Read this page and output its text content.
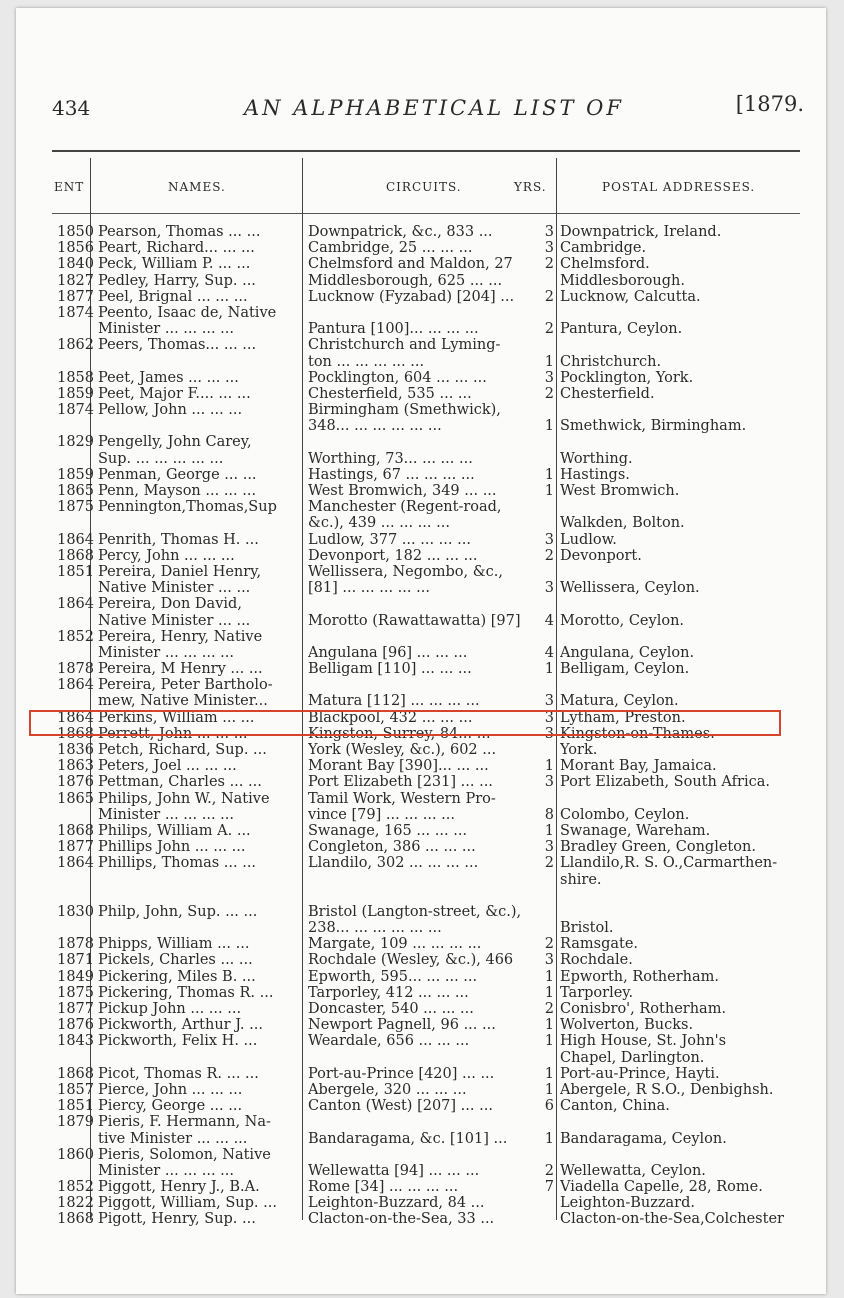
434	AN ALPHABETICAL LIST OF	[1879.
ENT	NAMES.	CIRCUITS.	YRS.	POSTAL ADDRESSES.
1850 Pearson, Thomas ... ...	Downpatrick, &c., 833 ...	3 Downpatrick, Ireland.
1856 Peart, Richard... ... ...	Cambridge, 25 ... ... ...	3 Cambridge.
1840 Peck, William P. ... ...	Chelmsford and Maldon, 27	2 Chelmsford.
1827 Pedley, Harry, Sup. ...	Middlesborough, 625 ... ...	Middlesborough.
1877 Peel, Brignal ... ... ...	Lucknow (Fyzabad) [204] ...	2 Lucknow, Calcutta.
1874 Peento, Isaac de, Native
Minister ... ... ... ...	Pantura [100]... ... ... ...	2 Pantura, Ceylon.
1862 Peers, Thomas... ... ...	Christchurch and Lyming-
ton ... ... ... ... ...	1 Christchurch.
1858 Peet, James ... ... ...	Pocklington, 604 ... ... ...	3 Pocklington, York.
1859 Peet, Major F.... ... ...	Chesterfield, 535 ... ...	2 Chesterfield.
1874 Pellow, John ... ... ...	Birmingham (Smethwick),
348... ... ... ... ... ...	1 Smethwick, Birmingham.
1829 Pengelly, John Carey,
Sup. ... ... ... ... ...	Worthing, 73... ... ... ...	Worthing.
1859 Penman, George ... ...	Hastings, 67 ... ... ... ...	1 Hastings.
1865 Penn, Mayson ... ... ...	West Bromwich, 349 ... ...	1 West Bromwich.
1875 Pennington,Thomas,Sup	Manchester (Regent-road,
&c.), 439 ... ... ... ...	Walkden, Bolton.
1864 Penrith, Thomas H. ...	Ludlow, 377 ... ... ... ...	3 Ludlow.
1868 Percy, John ... ... ...	Devonport, 182 ... ... ...	2 Devonport.
1851 Pereira, Daniel Henry,	Wellissera, Negombo, &c.,
Native Minister ... ...	[81] ... ... ... ... ...	3 Wellissera, Ceylon.
1864 Pereira, Don David,
Native Minister ... ...	Morotto (Rawattawatta) [97]	4 Morotto, Ceylon.
1852 Pereira, Henry, Native
Minister ... ... ... ...	Angulana [96] ... ... ...	4 Angulana, Ceylon.
1878 Pereira, M Henry ... ...	Belligam [110] ... ... ...	1 Belligam, Ceylon.
1864 Pereira, Peter Bartholo-
mew, Native Minister...	Matura [112] ... ... ... ...	3 Matura, Ceylon.
1864 Perkins, William ... ...	Blackpool, 432 ... ... ...	3 Lytham, Preston.
1868 Perrett, John ... ... ...	Kingston, Surrey, 84... ...	3 Kingston-on-Thames.
1836 Petch, Richard, Sup. ...	York (Wesley, &c.), 602 ...	York.
1863 Peters, Joel ... ... ...	Morant Bay [390]... ... ...	1 Morant Bay, Jamaica.
1876 Pettman, Charles ... ...	Port Elizabeth [231] ... ...	3 Port Elizabeth, South Africa.
1865 Philips, John W., Native	Tamil Work, Western Pro-
Minister ... ... ... ...	vince [79] ... ... ... ...	8 Colombo, Ceylon.
1868 Philips, William A. ...	Swanage, 165 ... ... ...	1 Swanage, Wareham.
1877 Phillips John ... ... ...	Congleton, 386 ... ... ...	3 Bradley Green, Congleton.
1864 Phillips, Thomas ... ...	Llandilo, 302 ... ... ... ...	2 Llandilo,R. S. O.,Carmarthen-
shire.
1830 Philp, John, Sup. ... ...	Bristol (Langton-street, &c.),
238... ... ... ... ... ...	Bristol.
1878 Phipps, William ... ...	Margate, 109 ... ... ... ...	2 Ramsgate.
1871 Pickels, Charles ... ...	Rochdale (Wesley, &c.), 466	3 Rochdale.
1849 Pickering, Miles B. ...	Epworth, 595... ... ... ...	1 Epworth, Rotherham.
1875 Pickering, Thomas R. ...	Tarporley, 412 ... ... ...	1 Tarporley.
1877 Pickup John ... ... ...	Doncaster, 540 ... ... ...	2 Conisbro', Rotherham.
1876 Pickworth, Arthur J. ...	Newport Pagnell, 96 ... ...	1 Wolverton, Bucks.
1843 Pickworth, Felix H. ...	Weardale, 656 ... ... ...	1 High House, St. John's
Chapel, Darlington.
1868 Picot, Thomas R. ... ...	Port-au-Prince [420] ... ...	1 Port-au-Prince, Hayti.
1857 Pierce, John ... ... ...	Abergele, 320 ... ... ...	1 Abergele, R S.O., Denbighsh.
1851 Piercy, George ... ...	Canton (West) [207] ... ...	6 Canton, China.
1879 Pieris, F. Hermann, Na-
tive Minister ... ... ...	Bandaragama, &c. [101] ...	1 Bandaragama, Ceylon.
1860 Pieris, Solomon, Native
Minister ... ... ... ...	Wellewatta [94] ... ... ...	2 Wellewatta, Ceylon.
1852 Piggott, Henry J., B.A.	Rome [34] ... ... ... ...	7 Viadella Capelle, 28, Rome.
1822 Piggott, William, Sup. ...	Leighton-Buzzard, 84 ...	Leighton-Buzzard.
1868 Pigott, Henry, Sup. ...	Clacton-on-the-Sea, 33 ...	Clacton-on-the-Sea,Colchester
